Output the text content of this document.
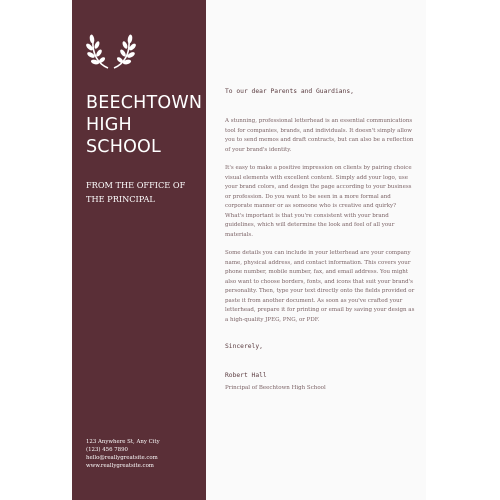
BEECHTOWN
HIGH
SCHOOL
FROM THE OFFICE OF
THE PRINCIPAL
123 Anywhere St, Any City
(123) 456 7890
hello@reallygreatsite.com
www.reallygreatsite.com

To our dear Parents and Guardians,

A stunning, professional letterhead is an essential communications tool for companies, brands, and individuals. It doesn't simply allow you to send memos and draft contracts, but can also be a reflection of your brand's identity.

It's easy to make a positive impression on clients by pairing choice visual elements with excellent content. Simply add your logo, use your brand colors, and design the page according to your business or profession. Do you want to be seen in a more formal and corporate manner or as someone who is creative and quirky? What's important is that you're consistent with your brand guidelines, which will determine the look and feel of all your materials.

Some details you can include in your letterhead are your company name, physical address, and contact information. This covers your phone number, mobile number, fax, and email address. You might also want to choose borders, fonts, and icons that suit your brand's personality. Then, type your text directly onto the fields provided or paste it from another document. As soon as you've crafted your letterhead, prepare it for printing or email by saving your design as a high-quality JPEG, PNG, or PDF.

Sincerely,

Robert Hall

Principal of Beechtown High School
